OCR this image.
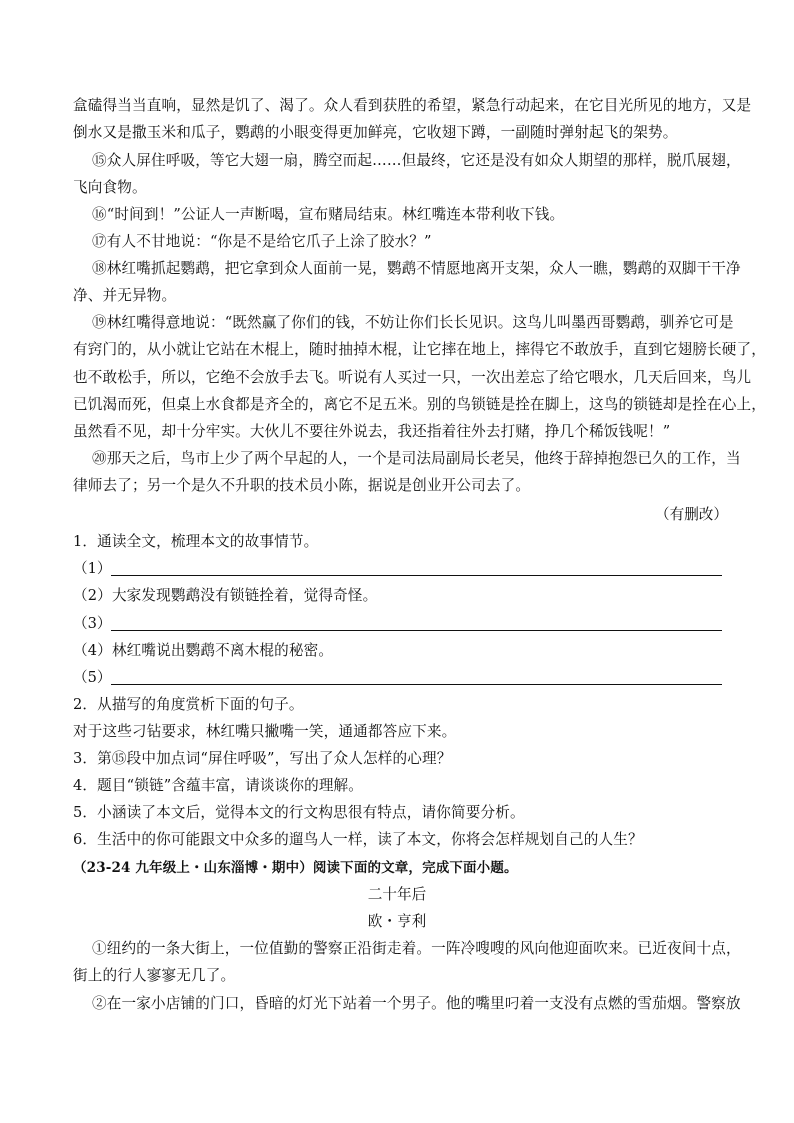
盒磕得当当直响，显然是饥了、渴了。众人看到获胜的希望，紧急行动起来，在它目光所见的地方，又是
倒水又是撒玉米和瓜子，鹦鹉的小眼变得更加鲜亮，它收翅下蹲，一副随时弹射起飞的架势。
⑮众人屏住呼吸，等它大翅一扇，腾空而起……但最终，它还是没有如众人期望的那样，脱爪展翅，
飞向食物。
⑯“时间到！”公证人一声断喝，宣布赌局结束。林红嘴连本带利收下钱。
⑰有人不甘地说：“你是不是给它爪子上涂了胶水？”
⑱林红嘴抓起鹦鹉，把它拿到众人面前一晃，鹦鹉不情愿地离开支架，众人一瞧，鹦鹉的双脚干干净
净、并无异物。
⑲林红嘴得意地说：“既然赢了你们的钱，不妨让你们长长见识。这鸟儿叫墨西哥鹦鹉，驯养它可是
有窍门的，从小就让它站在木棍上，随时抽掉木棍，让它摔在地上，摔得它不敢放手，直到它翅膀长硬了，
也不敢松手，所以，它绝不会放手去飞。听说有人买过一只，一次出差忘了给它喂水，几天后回来，鸟儿
已饥渴而死，但桌上水食都是齐全的，离它不足五米。别的鸟锁链是拴在脚上，这鸟的锁链却是拴在心上，
虽然看不见，却十分牢实。大伙儿不要往外说去，我还指着往外去打赌，挣几个稀饭钱呢！”
⑳那天之后，鸟市上少了两个早起的人，一个是司法局副局长老吴，他终于辞掉抱怨已久的工作，当
律师去了；另一个是久不升职的技术员小陈，据说是创业开公司去了。
（有删改）
1．通读全文，梳理本文的故事情节。
（1）
（2）大家发现鹦鹉没有锁链拴着，觉得奇怪。
（3）
（4）林红嘴说出鹦鹉不离木棍的秘密。
（5）
2．从描写的角度赏析下面的句子。
对于这些刁钻要求，林红嘴只撇嘴一笑，通通都答应下来。
3．第⑮段中加点词“屏住呼吸”，写出了众人怎样的心理？
4．题目“锁链”含蕴丰富，请谈谈你的理解。
5．小涵读了本文后，觉得本文的行文构思很有特点，请你简要分析。
6．生活中的你可能跟文中众多的遛鸟人一样，读了本文，你将会怎样规划自己的人生？
（23-24 九年级上・山东淄博・期中）阅读下面的文章，完成下面小题。
二十年后
欧・亨利
①纽约的一条大街上，一位值勤的警察正沿街走着。一阵冷嗖嗖的风向他迎面吹来。已近夜间十点，
街上的行人寥寥无几了。
②在一家小店铺的门口，昏暗的灯光下站着一个男子。他的嘴里叼着一支没有点燃的雪茄烟。警察放
